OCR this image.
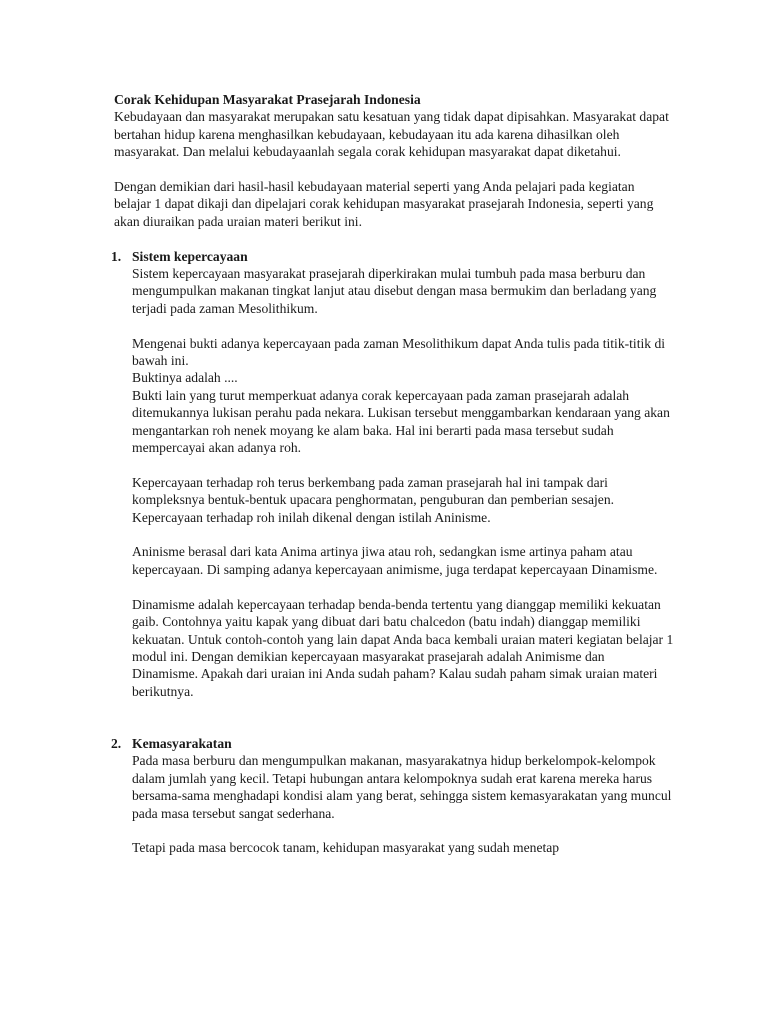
Corak Kehidupan Masyarakat Prasejarah Indonesia

Kebudayaan dan masyarakat merupakan satu kesatuan yang tidak dapat dipisahkan. Masyarakat dapat bertahan hidup karena menghasilkan kebudayaan, kebudayaan itu ada karena dihasilkan oleh masyarakat. Dan melalui kebudayaanlah segala corak kehidupan masyarakat dapat diketahui.

Dengan demikian dari hasil-hasil kebudayaan material seperti yang Anda pelajari pada kegiatan belajar 1 dapat dikaji dan dipelajari corak kehidupan masyarakat prasejarah Indonesia, seperti yang akan diuraikan pada uraian materi berikut ini.

1. Sistem kepercayaan

Sistem kepercayaan masyarakat prasejarah diperkirakan mulai tumbuh pada masa berburu dan mengumpulkan makanan tingkat lanjut atau disebut dengan masa bermukim dan berladang yang terjadi pada zaman Mesolithikum.

Mengenai bukti adanya kepercayaan pada zaman Mesolithikum dapat Anda tulis pada titik-titik di bawah ini.

Buktinya adalah ....

Bukti lain yang turut memperkuat adanya corak kepercayaan pada zaman prasejarah adalah ditemukannya lukisan perahu pada nekara. Lukisan tersebut menggambarkan kendaraan yang akan mengantarkan roh nenek moyang ke alam baka. Hal ini berarti pada masa tersebut sudah mempercayai akan adanya roh.

Kepercayaan terhadap roh terus berkembang pada zaman prasejarah hal ini tampak dari kompleksnya bentuk-bentuk upacara penghormatan, penguburan dan pemberian sesajen. Kepercayaan terhadap roh inilah dikenal dengan istilah Aninisme.

Aninisme berasal dari kata Anima artinya jiwa atau roh, sedangkan isme artinya paham atau kepercayaan. Di samping adanya kepercayaan animisme, juga terdapat kepercayaan Dinamisme.

Dinamisme adalah kepercayaan terhadap benda-benda tertentu yang dianggap memiliki kekuatan gaib. Contohnya yaitu kapak yang dibuat dari batu chalcedon (batu indah) dianggap memiliki kekuatan. Untuk contoh-contoh yang lain dapat Anda baca kembali uraian materi kegiatan belajar 1 modul ini. Dengan demikian kepercayaan masyarakat prasejarah adalah Animisme dan Dinamisme. Apakah dari uraian ini Anda sudah paham? Kalau sudah paham simak uraian materi berikutnya.

2. Kemasyarakatan

Pada masa berburu dan mengumpulkan makanan, masyarakatnya hidup berkelompok-kelompok dalam jumlah yang kecil. Tetapi hubungan antara kelompoknya sudah erat karena mereka harus bersama-sama menghadapi kondisi alam yang berat, sehingga sistem kemasyarakatan yang muncul pada masa tersebut sangat sederhana.

Tetapi pada masa bercocok tanam, kehidupan masyarakat yang sudah menetap
